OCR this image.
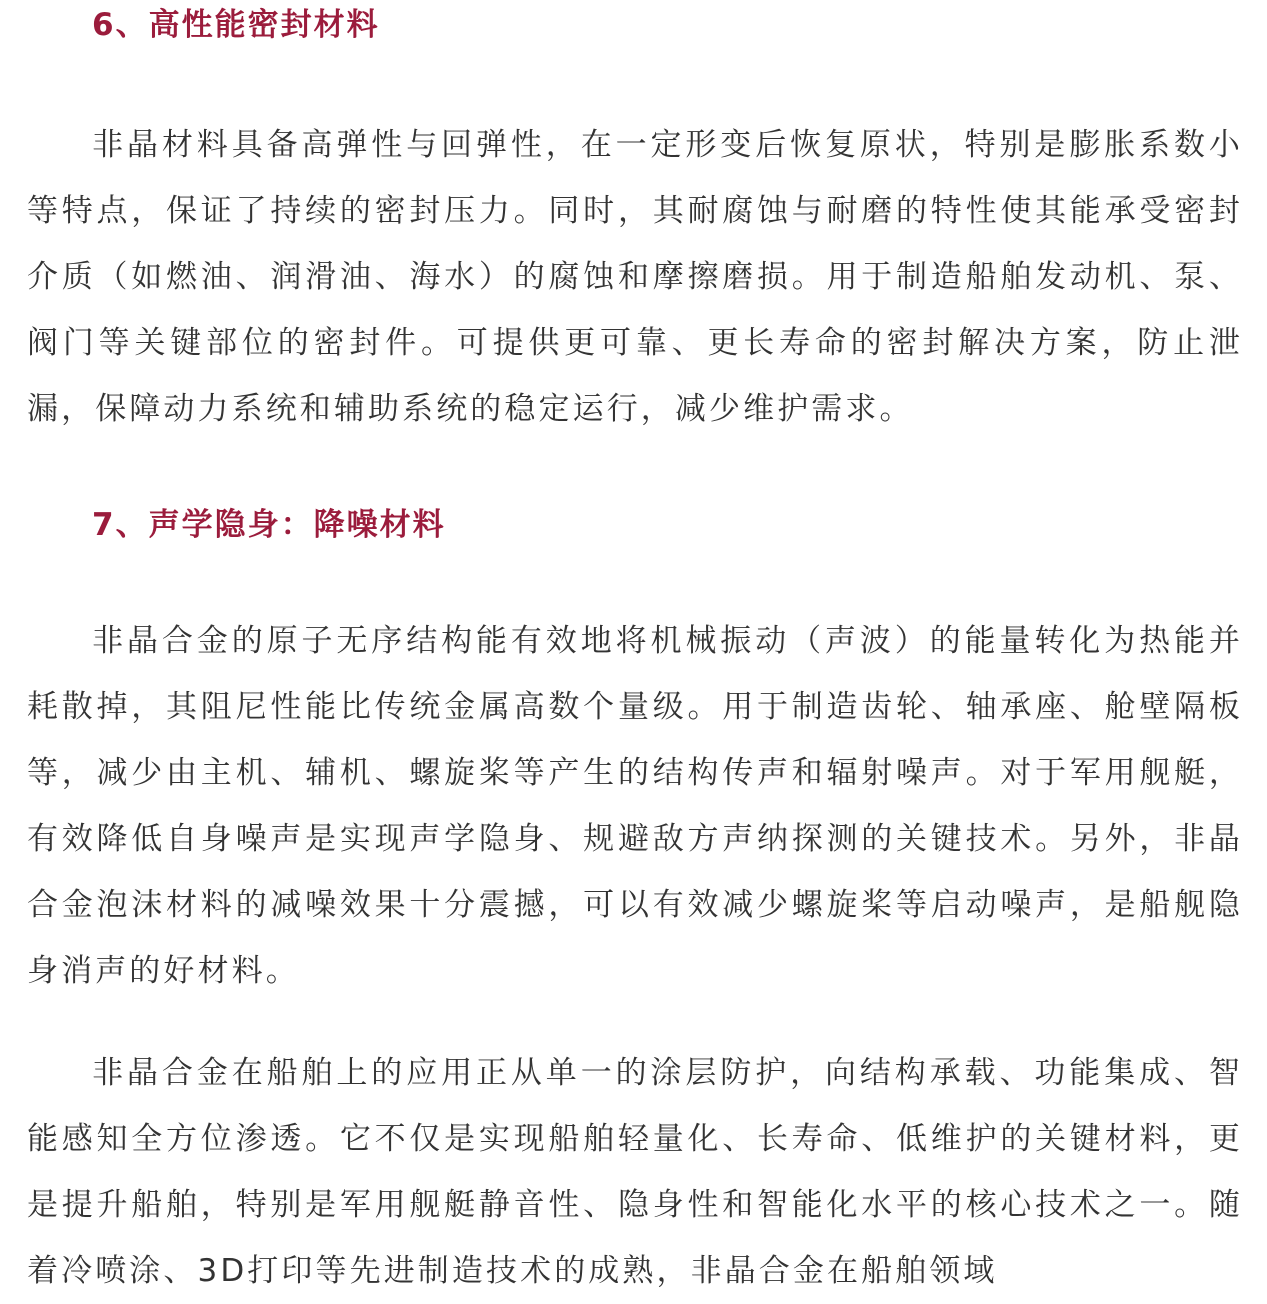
6、高性能密封材料

非晶材料具备高弹性与回弹性，在一定形变后恢复原状，特别是膨胀系数小等特点，保证了持续的密封压力。同时，其耐腐蚀与耐磨的特性使其能承受密封介质（如燃油、润滑油、海水）的腐蚀和摩擦磨损。用于制造船舶发动机、泵、阀门等关键部位的密封件。可提供更可靠、更长寿命的密封解决方案，防止泄漏，保障动力系统和辅助系统的稳定运行，减少维护需求。

7、声学隐身：降噪材料

非晶合金的原子无序结构能有效地将机械振动（声波）的能量转化为热能并耗散掉，其阻尼性能比传统金属高数个量级。用于制造齿轮、轴承座、舱壁隔板等，减少由主机、辅机、螺旋桨等产生的结构传声和辐射噪声。对于军用舰艇，有效降低自身噪声是实现声学隐身、规避敌方声纳探测的关键技术。另外，非晶合金泡沫材料的减噪效果十分震撼，可以有效减少螺旋桨等启动噪声，是船舰隐身消声的好材料。

非晶合金在船舶上的应用正从单一的涂层防护，向结构承载、功能集成、智能感知全方位渗透。它不仅是实现船舶轻量化、长寿命、低维护的关键材料，更是提升船舶，特别是军用舰艇静音性、隐身性和智能化水平的核心技术之一。随着冷喷涂、3D打印等先进制造技术的成熟，非晶合金在船舶领域
